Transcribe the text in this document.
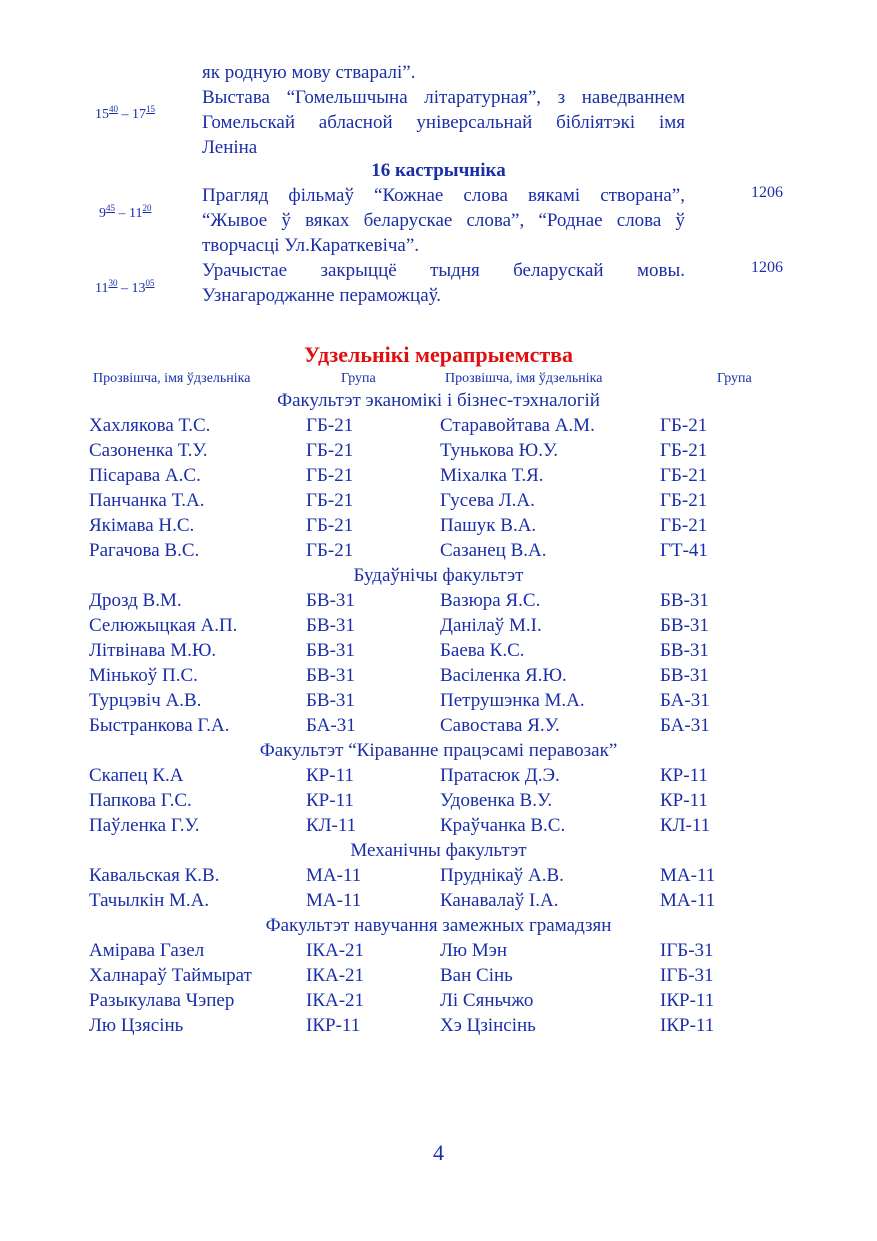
як родную мову стваралі”.
$15^{40} - 17^{15}$
Выстава “Гомельшчына літаратурная”, з наведваннем
Гомельскай абласной універсальнай бібліятэкі імя
Леніна
16 кастрычніка
$9^{45} - 11^{20}$
Прагляд фільмаў “Кожнае слова вякамі створана”,
“Жывое ў вяках беларускае слова”, “Роднае слова ў
творчасці Ул.Караткевіча”.
1206
$11^{30} - 13^{05}$
Урачыстае закрыццё тыдня беларускай мовы.
Узнагароджанне пераможцаў.
1206
Удзельнікі мерапрыемства
Прозвішча, імя ўдзельніка	Група	Прозвішча, імя ўдзельніка	Група
Факультэт эканомікі і бізнес-тэхналогій
Хахлякова Т.С.	ГБ-21	Старавойтава А.М.	ГБ-21
Сазоненка Т.У.	ГБ-21	Тунькова Ю.У.	ГБ-21
Пісарава А.С.	ГБ-21	Міхалка Т.Я.	ГБ-21
Панчанка Т.А.	ГБ-21	Гусева Л.А.	ГБ-21
Якімава Н.С.	ГБ-21	Пашук В.А.	ГБ-21
Рагачова В.С.	ГБ-21	Сазанец В.А.	ГТ-41
Будаўнічы факультэт
Дрозд В.М.	БВ-31	Вазюра Я.С.	БВ-31
Селюжыцкая А.П.	БВ-31	Данілаў М.І.	БВ-31
Літвінава М.Ю.	БВ-31	Баева К.С.	БВ-31
Мінькоў П.С.	БВ-31	Васіленка Я.Ю.	БВ-31
Турцэвіч А.В.	БВ-31	Петрушэнка М.А.	БА-31
Быстранкова Г.А.	БА-31	Савостава Я.У.	БА-31
Факультэт “Кіраванне працэсамі перавозак”
Скапец К.А	КР-11	Пратасюк Д.Э.	КР-11
Папкова Г.С.	КР-11	Удовенка В.У.	КР-11
Паўленка Г.У.	КЛ-11	Краўчанка В.С.	КЛ-11
Механічны факультэт
Кавальская К.В.	МА-11	Пруднікаў А.В.	МА-11
Тачылкін М.А.	МА-11	Канавалаў І.А.	МА-11
Факультэт навучання замежных грамадзян
Амірава Газел	ІКА-21	Лю Мэн	ІГБ-31
Халнараў Таймырат	ІКА-21	Ван Сінь	ІГБ-31
Разыкулава Чэпер	ІКА-21	Лі Сяньчжо	ІКР-11
Лю Цзясінь	ІКР-11	Хэ Цзінсінь	ІКР-11
4
